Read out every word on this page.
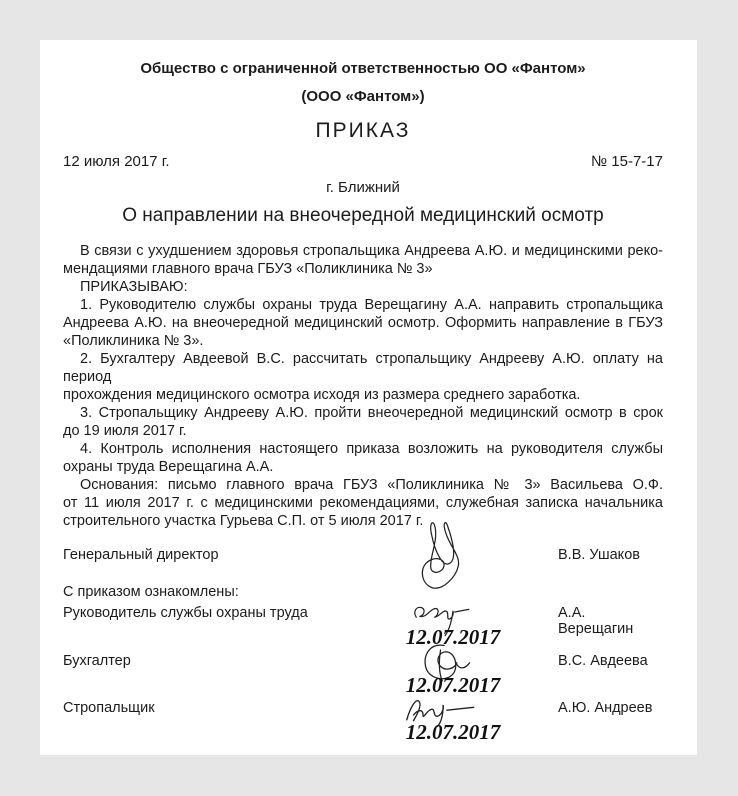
Общество с ограниченной ответственностью ОО «Фантом»
(ООО «Фантом»)
ПРИКАЗ
12 июля 2017 г.	№ 15-7-17
г. Ближний
О направлении на внеочередной медицинский осмотр
В связи с ухудшением здоровья стропальщика Андреева А.Ю. и медицинскими реко-
мендациями главного врача ГБУЗ «Поликлиника № 3»
ПРИКАЗЫВАЮ:
1. Руководителю службы охраны труда Верещагину А.А. направить стропальщика
Андреева А.Ю. на внеочередной медицинский осмотр. Оформить направление в ГБУЗ
«Поликлиника № 3».
2. Бухгалтеру Авдеевой В.С. рассчитать стропальщику Андрееву А.Ю. оплату на период
прохождения медицинского осмотра исходя из размера среднего заработка.
3. Стропальщику Андрееву А.Ю. пройти внеочередной медицинский осмотр в срок
до 19 июля 2017 г.
4. Контроль исполнения настоящего приказа возложить на руководителя службы
охраны труда Верещагина А.А.
Основания: письмо главного врача ГБУЗ «Поликлиника № 3» Васильева О.Ф.
от 11 июля 2017 г. с медицинскими рекомендациями, служебная записка начальника
строительного участка Гурьева С.П. от 5 июля 2017 г.
Генеральный директор	В.В. Ушаков
С приказом ознакомлены:
Руководитель службы охраны труда
12.07.2017
А.А. Верещагин
Бухгалтер
12.07.2017
В.С. Авдеева
Стропальщик
12.07.2017
А.Ю. Андреев
